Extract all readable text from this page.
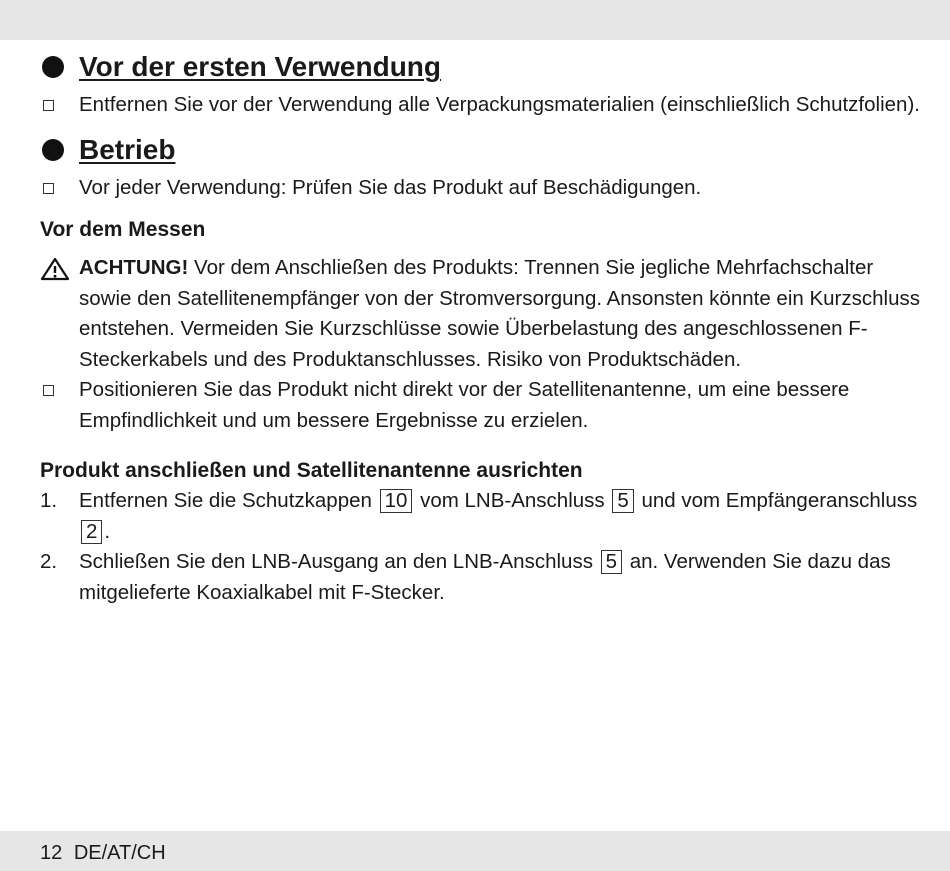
Vor der ersten Verwendung
Entfernen Sie vor der Verwendung alle Verpackungsmaterialien (einschließlich Schutzfolien).
Betrieb
Vor jeder Verwendung: Prüfen Sie das Produkt auf Beschädigungen.
Vor dem Messen
ACHTUNG! Vor dem Anschließen des Produkts: Trennen Sie jegliche Mehrfachschalter sowie den Satellitenempfänger von der Stromversorgung. Ansonsten könnte ein Kurzschluss entstehen. Vermeiden Sie Kurzschlüsse sowie Überbelastung des angeschlossenen F-Steckerkabels und des Produktanschlusses. Risiko von Produktschäden.
Positionieren Sie das Produkt nicht direkt vor der Satellitenantenne, um eine bessere Empfindlichkeit und um bessere Ergebnisse zu erzielen.
Produkt anschließen und Satellitenantenne ausrichten
1.	Entfernen Sie die Schutzkappen 10 vom LNB-Anschluss 5 und vom Empfängeranschluss 2 .
2.	Schließen Sie den LNB-Ausgang an den LNB-Anschluss 5 an. Verwenden Sie dazu das mitgelieferte Koaxialkabel mit F-Stecker.
12 DE/AT/CH
